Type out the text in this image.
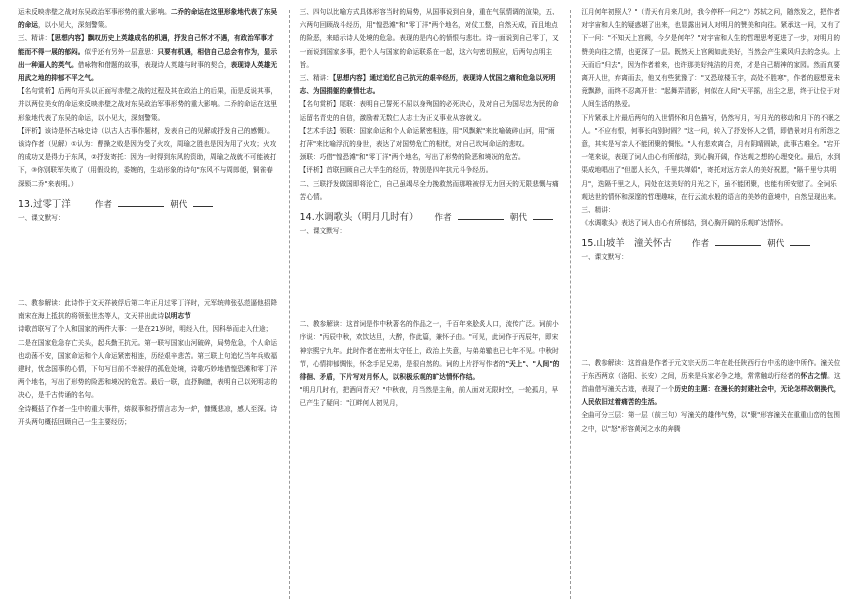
运未反映赤壁之战对东吴政治军事形势的重大影响。二乔的命运在这里形象地代表了东吴的命运，以小见大，深刻警策。

三、精讲：【思想内容】飘叹历史上英雄成名的机遇，抒发自己怀才不遇，有政治军事才能而不得一展的郁闷。似乎还有另外一层意思：只要有机遇，相信自己总会有作为，显示出一种逼人的英气。借咏物和借题的故事，表现诗人英雄与时事的契合，表现诗人英雄无用武之地的抑郁不平之气。

【名句赏析】后两句开头以正面写赤壁之战的过程及其在政治上的后果，而是反说其事，并以两位美女的命运来反映赤壁之战对东吴政治军事形势的重大影响。二乔的命运在这里形象地代表了东吴的命运，以小见大，深刻警策。

【评析】该诗是怀古咏史诗（以古人古事作题材，发表自己的见解或抒发自己的感慨）。该诗作者（见解）①认为：曹操之败是因为受了火攻，周瑜之胜也是因为用了火攻；火攻的成功又是得力于东风，②抒发寄托：因为一时得到东风的资助，周瑜之战就不可能被打下，③你别联军失败了（用假设的，委婉的，生动形象的诗句"东风不与周郎便，铜雀春深锁二乔"来表明。）

13.过零丁洋	作者	朝代

一、课文默写：

二、教参解读：此诗作于文天祥被俘后第二年正月过零丁洋时，元军统帅张弘范逼他招降南宋在海上抵抗的将领张世杰等人，文天祥出此诗以明志节

诗歌首联写了个人和国家的两件大事：一是在21岁时，明经入仕，因科举而走入仕途；二是在国家危急存亡关头，起兵勤王抗元。第一联写国家山河破碎，局势危急，个人命运也动荡不安，国家命运和个人命运紧密相连，历经艰辛悲苦。第三联上句追忆当年兵败福建时，忧念国事的心情，下句写目前不幸被俘的孤危处境，诗歌巧妙地借惶恐滩和零丁洋两个地名，写出了形势的险恶和境况的危苦。最后一联，直抒胸臆，表明自己以死明志的决心，是千古传诵的名句。

全诗概括了作者一生中的重大事件，熔叙事和抒情言志为一炉，慷慨悲凉，感人至深。诗开头两句概括回顾自己一生主要经历；

三、四句以比喻方式具体形容当时的局势，从国事说到自身，重在气氛情调的渲染，五、六两句回顾战斗经历，用"惶恐滩"和"零丁洋"两个地名，对仗工整，自然天成，而且地点的险恶，来暗示诗人处境的危急。表现的是内心的愤恨与悲壮。诗一面说到自己零丁，又一面说到国家多事，把个人与国家的命运联系在一起，这六句密切照应，后两句点明主旨。

三、精讲：【思想内容】通过追忆自己抗元的艰辛经历，表现诗人忧国之痛和危急以死明志、为国捐躯的豪情壮志。

【名句赏析】尾联：表明自己誓死不屈以身殉国的必死决心，及对自己为国尽忠为民的命运留名青史的自信，激励着无数仁人志士为正义事业从容就义。

【艺术手法】领联：国家命运和个人命运紧密相连，用"风飘絮"来比喻破碎山河，用"雨打萍"来比喻浮沉的身世，表达了对国势危亡的相忧，对自己坎坷命运的悲叹。

颈联：巧借"惶恐滩"和"零丁洋"两个地名，写出了形势的险恶和境况的危苦。

【评析】首联回顾自己大半生的经历，特别是四年抗元斗争经历。

二、三联抒发做国即将沦亡，自己虽竭尽全力挽救然而那唯被俘无力回天的无限悲慨与痛苦心情。

14.水调歌头（明月几时有） 作者	朝代

一、课文默写：

二、教参解读：这首词是作中秋著名的作品之一，千百年来脍炙人口，流传广泛。词前小序说："丙辰中秋，欢饮达旦，大醉，作此篇，兼怀子由。"可见，此词作于丙辰年，即宋神宗熙宁九年。此时作者在密州太守任上，政治上失意，与弟弟辙也已七年不见。中秋时节，心情抑郁惆怅，怀念手足兄弟，是很自然的。词的上片抒写作者的"天上"、"人间"的徘徊、矛盾，下片写对月怀人，以积极乐观的旷达情怀作结。

"明月几时有，把酒问青天？"中秋夜，月当然是主角，前人面对无限时空，一轮孤月，早已产生了疑问："江畔何人初见月，

江月何年初照人？"（青天有月来几时，我今停杯一问之"）苏轼之问，随然发之，把作者对宇宙和人生的疑惑堪了出来，也显露出词人对明月的赞美和向往。紧承这一问，又有了下一问："不知天上宫阙，今夕是何年？"对宇宙和人生的哲理思考更进了一步，对明月的赞美向往之情，也更深了一层。既然天上宫阙如此美好，当然会产生乘风归去的念头。上天而后"归去"，因为作者着来，也许那美好纯洁的月亮，才是自己精神的家园。然而真要离开人世，弃离而去，他又有些犹豫了："又恐琼楼玉宇，高处不胜寒"，作者的遐想竟未竟飘渺，而终不忍离开世："起舞弄清影，何似在人间"天平摇，出尘之思，终于让位于对人间生活的热爱。

下片紧承上片最后两句的入世情怀和月色描写，仍然写月，写月光的移动和月下的不眠之人。"不应有恨，何事长向别时圆？"这一问，转入了抒发怀人之情，即借景对月有所怨之意，其实是写亲人不能团聚的惆怅。"人有悲欢离合，月有阴晴圆缺，此事古难全。"宕开一笔来说，表现了词人由心有所郁结，到心胸开阔，作达观之想的心理变化。最后，水到渠成地唱出了"但愿人长久，千里共婵娟"，寄托对远方亲人的美好祝愿，"隔千里兮共明月"，迭隔千里之人，同处在这美好的月光之下，虽不能团聚，也能有所安慰了。全词乐观达世的情怀和深邃的哲理趣味，在行云流水般的语言的美妙的意境中，自然呈现出来。

三、精讲：

《水调歌头》表达了词人由心有所郁结，到心胸开阔的乐观旷达情怀。

15.山坡羊　潼关怀古 作者	朝代

一、课文默写：

二、教参解读：这首曲是作者于元文宗天历二年在赴任陕西行台中丞的途中所作。潼关位于东西两京（洛阳、长安）之间，历来是兵家必争之地，常常触动行经者的怀古之情。这首曲借写潼关古迹，表现了一个历史的主题：在漫长的封建社会中，无论怎样改朝换代，人民依旧过着痛苦的生活。

全曲可分三层：第一层（前三句）写潼关的雄伟气势，以"聚"形容潼关在重重山峦的包围之中，以"怒"形容黄河之水的奔腾
